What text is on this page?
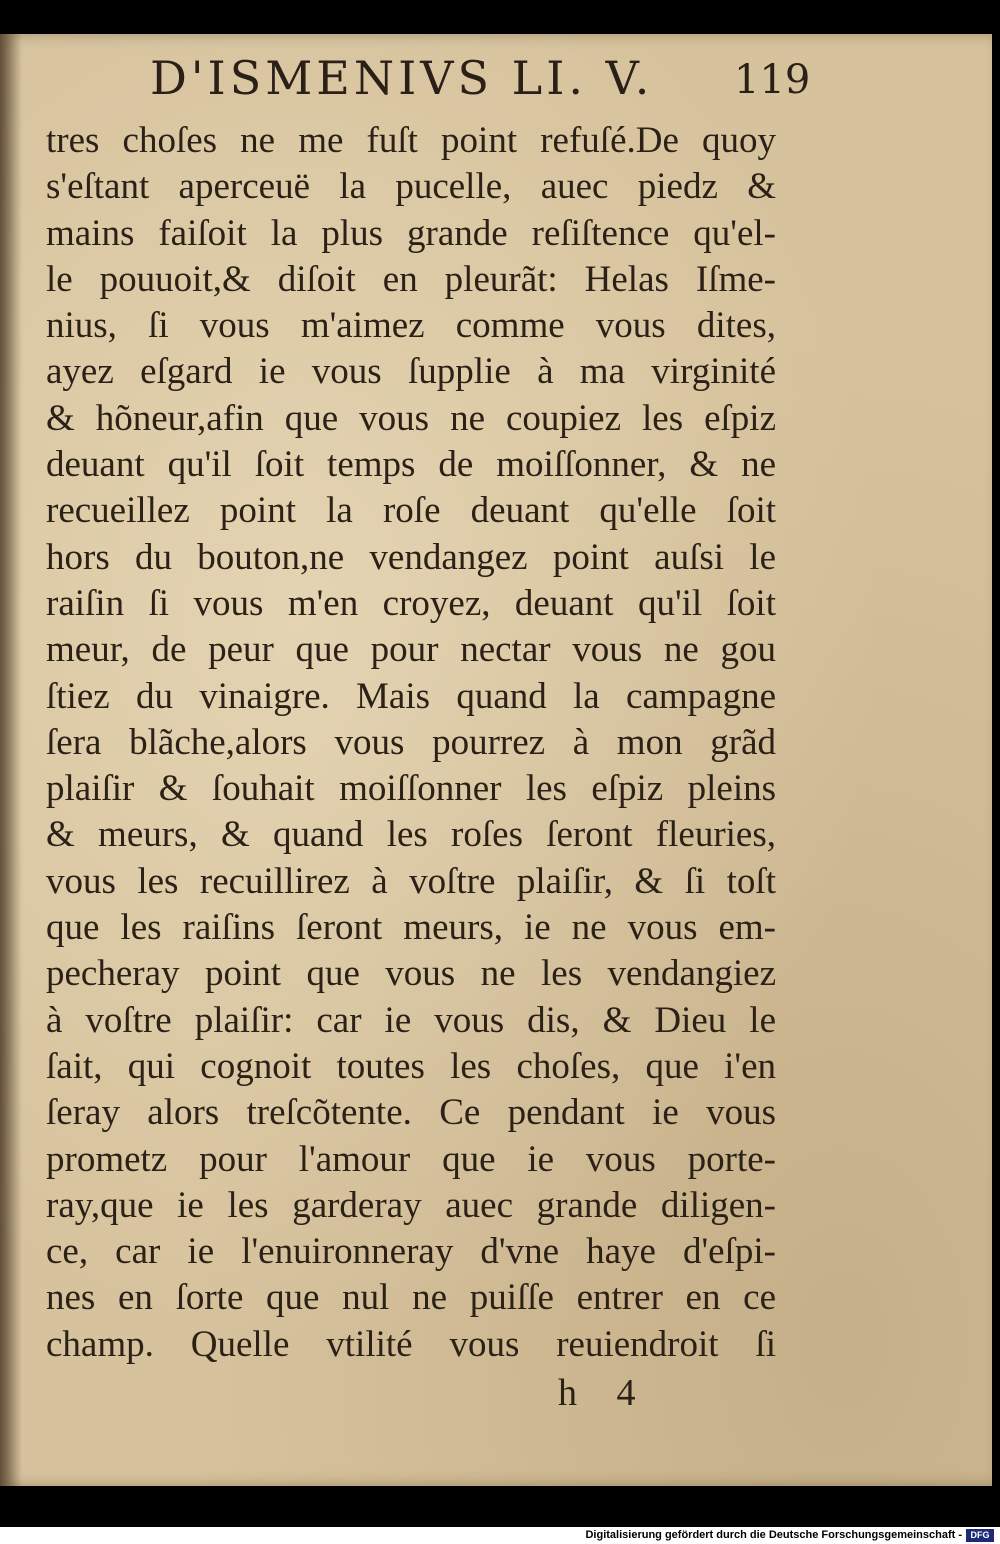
D'ISMENIVS LI. V.	119
tres choſes ne me fuſt point refuſé.De quoy
s'eſtant aperceuë la pucelle, auec piedz &
mains faiſoit la plus grande reſiſtence qu'el-
le pouuoit,& diſoit en pleurãt: Helas Iſme-
nius, ſi vous m'aimez comme vous dites,
ayez eſgard ie vous ſupplie à ma virginité
& hõneur,afin que vous ne coupiez les eſpiz
deuant qu'il ſoit temps de moiſſonner, & ne
recueillez point la roſe deuant qu'elle ſoit
hors du bouton,ne vendangez point auſsi le
raiſin ſi vous m'en croyez, deuant qu'il ſoit
meur, de peur que pour nectar vous ne gou
ſtiez du vinaigre. Mais quand la campagne
ſera blãche,alors vous pourrez à mon grãd
plaiſir & ſouhait moiſſonner les eſpiz pleins
& meurs, & quand les roſes ſeront fleuries,
vous les recuillirez à voſtre plaiſir, & ſi toſt
que les raiſins ſeront meurs, ie ne vous em-
pecheray point que vous ne les vendangiez
à voſtre plaiſir: car ie vous dis, & Dieu le
ſait, qui cognoit toutes les choſes, que i'en
ſeray alors treſcõtente. Ce pendant ie vous
prometz pour l'amour que ie vous porte-
ray,que ie les garderay auec grande diligen-
ce, car ie l'enuironneray d'vne haye d'eſpi-
nes en ſorte que nul ne puiſſe entrer en ce
champ. Quelle vtilité vous reuiendroit ſi
h 4
Digitalisierung gefördert durch die Deutsche Forschungsgemeinschaft - DFG
